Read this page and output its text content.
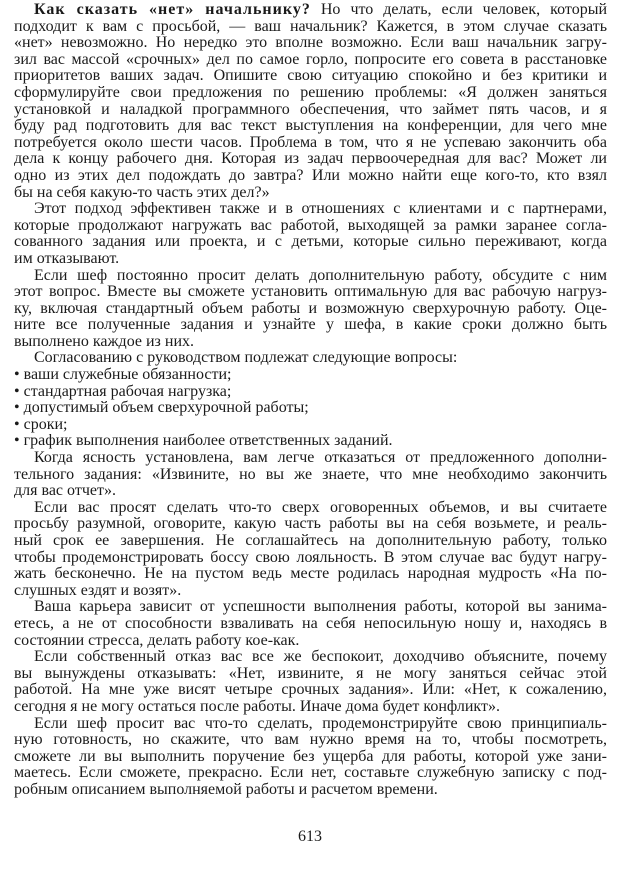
Как сказать «нет» начальнику? Но что делать, если человек, который
подходит к вам с просьбой, — ваш начальник? Кажется, в этом случае сказать
«нет» невозможно. Но нередко это вполне возможно. Если ваш начальник загру-
зил вас массой «срочных» дел по самое горло, попросите его совета в расстановке
приоритетов ваших задач. Опишите свою ситуацию спокойно и без критики и
сформулируйте свои предложения по решению проблемы: «Я должен заняться
установкой и наладкой программного обеспечения, что займет пять часов, и я
буду рад подготовить для вас текст выступления на конференции, для чего мне
потребуется около шести часов. Проблема в том, что я не успеваю закончить оба
дела к концу рабочего дня. Которая из задач первоочередная для вас? Может ли
одно из этих дел подождать до завтра? Или можно найти еще кого-то, кто взял
бы на себя какую-то часть этих дел?»
Этот подход эффективен также и в отношениях с клиентами и с партнерами,
которые продолжают нагружать вас работой, выходящей за рамки заранее согла-
сованного задания или проекта, и с детьми, которые сильно переживают, когда
им отказывают.
Если шеф постоянно просит делать дополнительную работу, обсудите с ним
этот вопрос. Вместе вы сможете установить оптимальную для вас рабочую нагруз-
ку, включая стандартный объем работы и возможную сверхурочную работу. Оце-
ните все полученные задания и узнайте у шефа, в какие сроки должно быть
выполнено каждое из них.
Согласованию с руководством подлежат следующие вопросы:
• ваши служебные обязанности;
• стандартная рабочая нагрузка;
• допустимый объем сверхурочной работы;
• сроки;
• график выполнения наиболее ответственных заданий.
Когда ясность установлена, вам легче отказаться от предложенного дополни-
тельного задания: «Извините, но вы же знаете, что мне необходимо закончить
для вас отчет».
Если вас просят сделать что-то сверх оговоренных объемов, и вы считаете
просьбу разумной, оговорите, какую часть работы вы на себя возьмете, и реаль-
ный срок ее завершения. Не соглашайтесь на дополнительную работу, только
чтобы продемонстрировать боссу свою лояльность. В этом случае вас будут нагру-
жать бесконечно. Не на пустом ведь месте родилась народная мудрость «На по-
слушных ездят и возят».
Ваша карьера зависит от успешности выполнения работы, которой вы занима-
етесь, а не от способности взваливать на себя непосильную ношу и, находясь в
состоянии стресса, делать работу кое-как.
Если собственный отказ вас все же беспокоит, доходчиво объясните, почему
вы вынуждены отказывать: «Нет, извините, я не могу заняться сейчас этой
работой. На мне уже висят четыре срочных задания». Или: «Нет, к сожалению,
сегодня я не могу остаться после работы. Иначе дома будет конфликт».
Если шеф просит вас что-то сделать, продемонстрируйте свою принципиаль-
ную готовность, но скажите, что вам нужно время на то, чтобы посмотреть,
сможете ли вы выполнить поручение без ущерба для работы, которой уже зани-
маетесь. Если сможете, прекрасно. Если нет, составьте служебную записку с под-
робным описанием выполняемой работы и расчетом времени.
613
